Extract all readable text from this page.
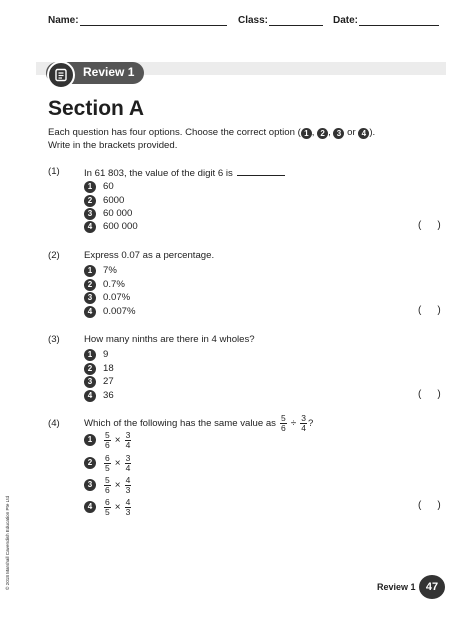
Name:	Class:	Date:
Review 1
Section A
Each question has four options. Choose the correct option ( 1 , 2 , 3 or 4 ).
Write in the brackets provided.
(1)	In 61 803, the value of the digit 6 is
1	60
2	6000
3	60 000
4	600 000	( )
(2)	Express 0.07 as a percentage.
1	7%
2	0.7%
3	0.07%
4	0.007%	( )
(3)	How many ninths are there in 4 wholes?
1	9
2	18
3	27
4	36	( )
(4)	Which of the following has the same value as $\frac{5}{6} \div \frac{3}{4}$ ?
1	$\frac{5}{6} \times \frac{3}{4}$
2	$\frac{6}{5} \times \frac{3}{4}$
3	$\frac{5}{6} \times \frac{4}{3}$
4	$\frac{6}{5} \times \frac{4}{3}$	( )
© 2018 Marshall Cavendish Education Pte Ltd	Review 1 47
